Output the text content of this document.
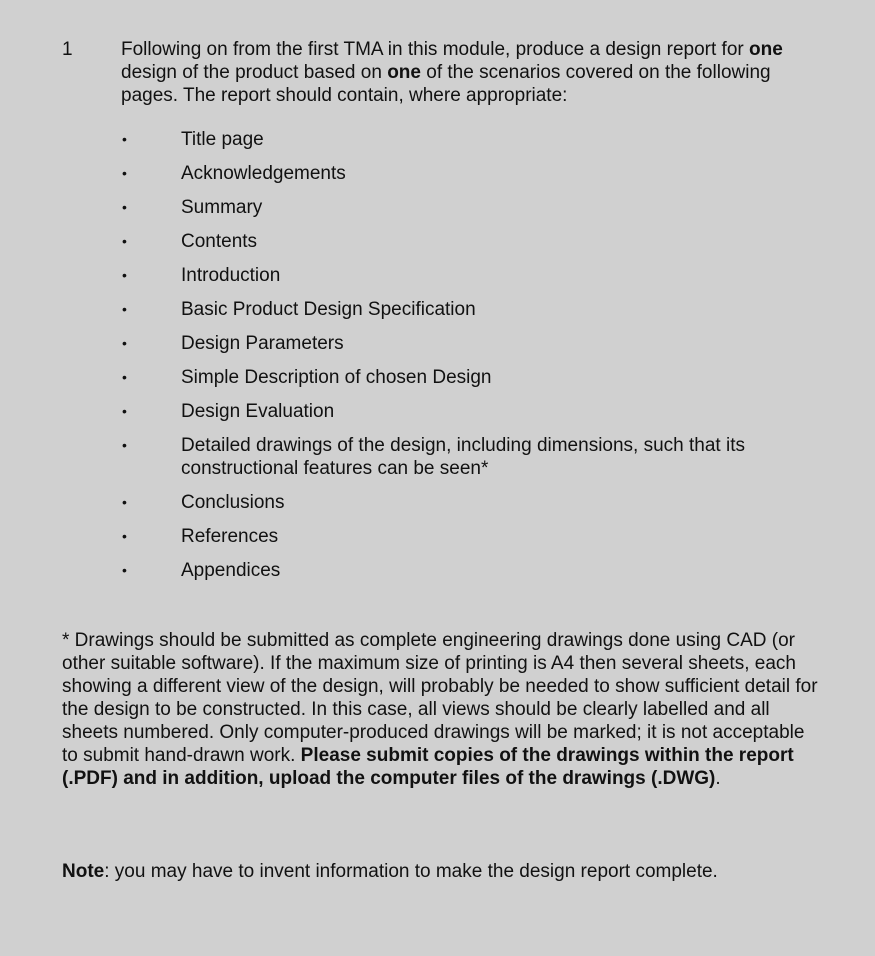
1	Following on from the first TMA in this module, produce a design report for one design of the product based on one of the scenarios covered on the following pages. The report should contain, where appropriate:
•	Title page
•	Acknowledgements
•	Summary
•	Contents
•	Introduction
•	Basic Product Design Specification
•	Design Parameters
•	Simple Description of chosen Design
•	Design Evaluation
•	Detailed drawings of the design, including dimensions, such that its constructional features can be seen*
•	Conclusions
•	References
•	Appendices
* Drawings should be submitted as complete engineering drawings done using CAD (or other suitable software). If the maximum size of printing is A4 then several sheets, each showing a different view of the design, will probably be needed to show sufficient detail for the design to be constructed. In this case, all views should be clearly labelled and all sheets numbered. Only computer-produced drawings will be marked; it is not acceptable to submit hand-drawn work. Please submit copies of the drawings within the report (.PDF) and in addition, upload the computer files of the drawings (.DWG).
Note: you may have to invent information to make the design report complete.
